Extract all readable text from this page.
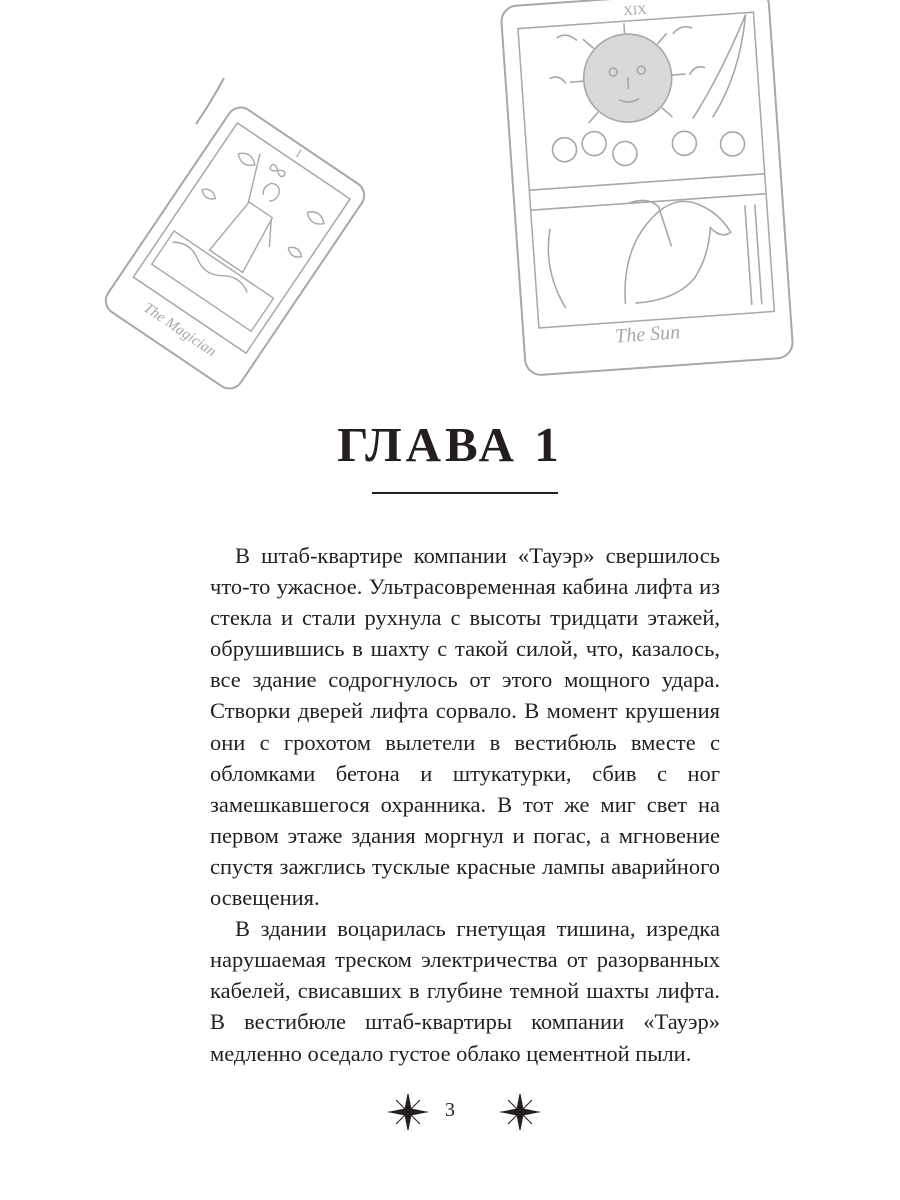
I
The Magician
XIX
The Sun
ГЛАВА 1

В штаб-квартире компании «Тауэр» свершилось что-то ужасное. Ультрасовременная кабина лифта из стекла и стали рухнула с высоты тридцати этажей, обрушившись в шахту с такой силой, что, казалось, все здание содрогнулось от этого мощного удара. Створки дверей лифта сорвало. В момент крушения они с грохотом вылетели в вестибюль вместе с обломками бетона и штукатурки, сбив с ног замешкавшегося охранника. В тот же миг свет на первом этаже здания моргнул и погас, а мгновение спустя зажглись тусклые красные лампы аварийного освещения.

В здании воцарилась гнетущая тишина, изредка нарушаемая треском электричества от разорванных кабелей, свисавших в глубине темной шахты лифта. В вестибюле штаб-квартиры компании «Тауэр» медленно оседало густое облако цементной пыли.

3
